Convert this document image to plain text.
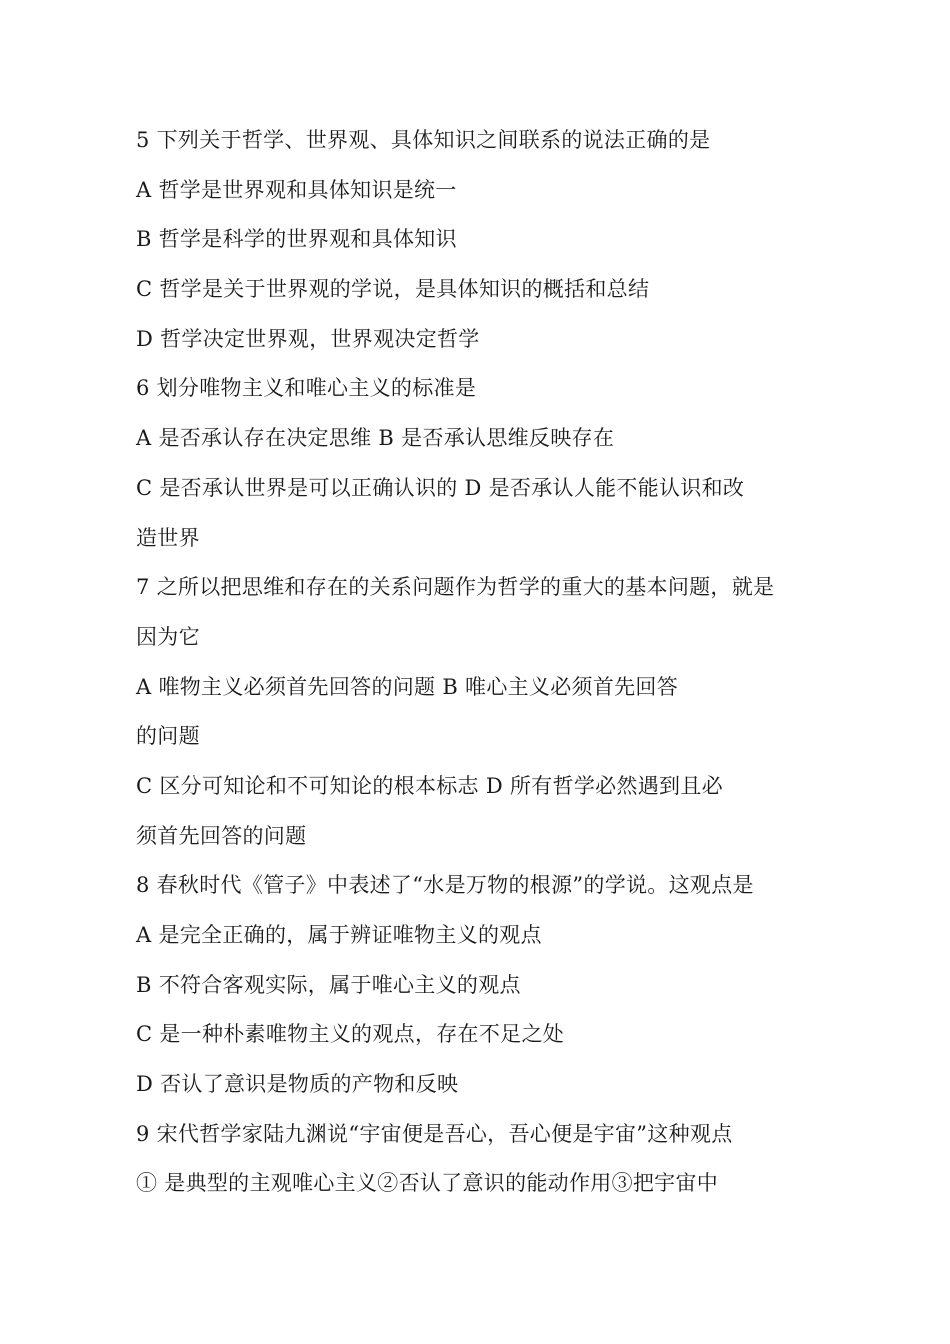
5 下列关于哲学、世界观、具体知识之间联系的说法正确的是
A 哲学是世界观和具体知识是统一
B 哲学是科学的世界观和具体知识
C 哲学是关于世界观的学说，是具体知识的概括和总结
D 哲学决定世界观，世界观决定哲学
6 划分唯物主义和唯心主义的标准是
A 是否承认存在决定思维 B 是否承认思维反映存在
C 是否承认世界是可以正确认识的 D 是否承认人能不能认识和改
造世界
7 之所以把思维和存在的关系问题作为哲学的重大的基本问题，就是
因为它
A 唯物主义必须首先回答的问题 B 唯心主义必须首先回答
的问题
C 区分可知论和不可知论的根本标志 D 所有哲学必然遇到且必
须首先回答的问题
8 春秋时代《管子》中表述了“水是万物的根源”的学说。这观点是
A 是完全正确的，属于辨证唯物主义的观点
B 不符合客观实际，属于唯心主义的观点
C 是一种朴素唯物主义的观点，存在不足之处
D 否认了意识是物质的产物和反映
9 宋代哲学家陆九渊说“宇宙便是吾心，吾心便是宇宙”这种观点
① 是典型的主观唯心主义②否认了意识的能动作用③把宇宙中
